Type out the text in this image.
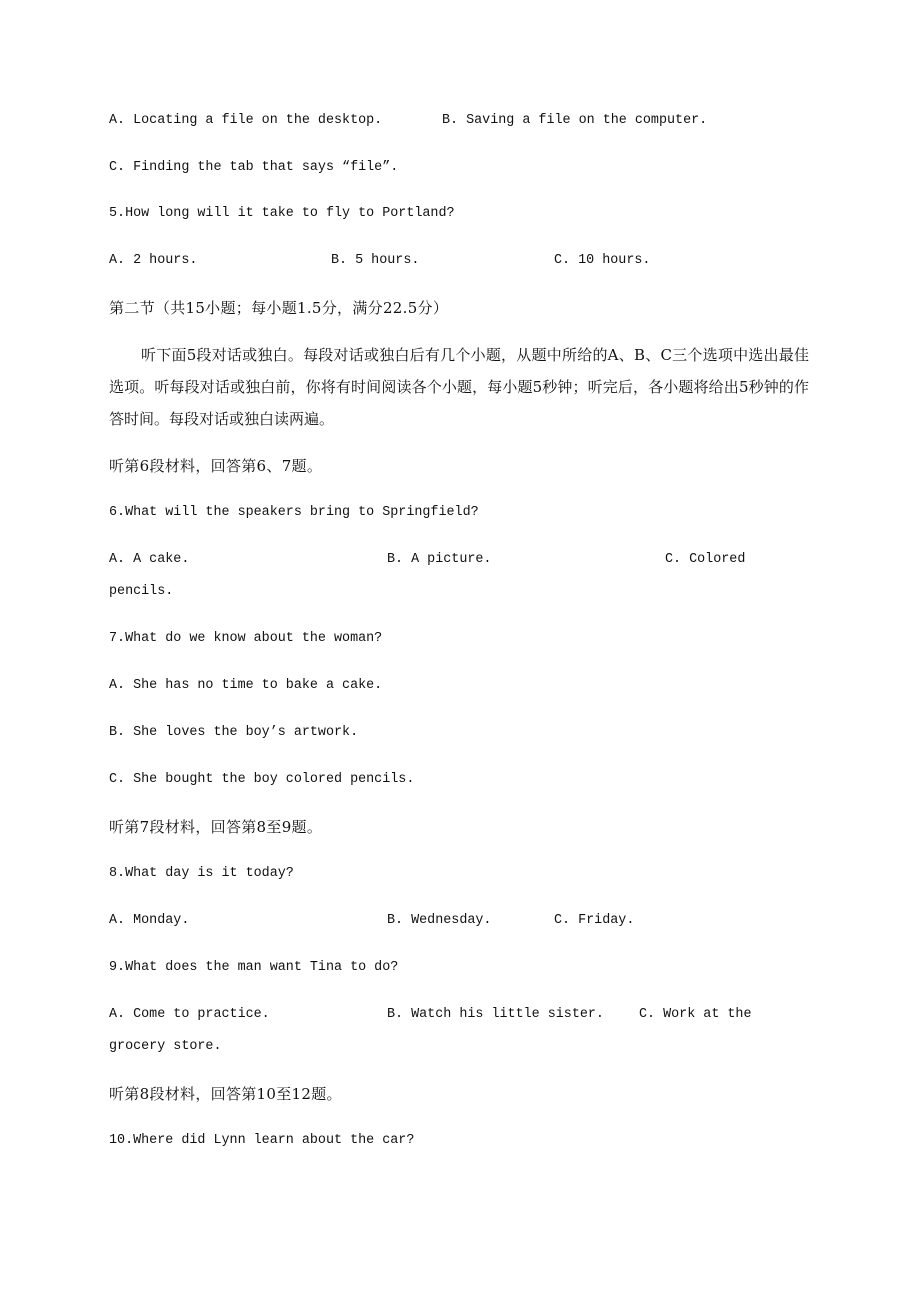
A. Locating a file on the desktop.	B. Saving a file on the computer.
C. Finding the tab that says “file”.
5.How long will it take to fly to Portland?
A. 2 hours.	B. 5 hours.	C. 10 hours.
第二节（共15小题；每小题1.5分，满分22.5分）
听下面5段对话或独白。每段对话或独白后有几个小题，从题中所给的A、B、C三个选项中选出最佳选项。听每段对话或独白前，你将有时间阅读各个小题，每小题5秒钟；听完后，各小题将给出5秒钟的作答时间。每段对话或独白读两遍。
听第6段材料，回答第6、7题。
6.What will the speakers bring to Springfield?
A. A cake.	B. A picture.	C. Colored
pencils.
7.What do we know about the woman?
A. She has no time to bake a cake.
B. She loves the boy’s artwork.
C. She bought the boy colored pencils.
听第7段材料，回答第8至9题。
8.What day is it today?
A. Monday.	B. Wednesday.	C. Friday.
9.What does the man want Tina to do?
A. Come to practice.	B. Watch his little sister.	C. Work at the
grocery store.
听第8段材料，回答第10至12题。
10.Where did Lynn learn about the car?
